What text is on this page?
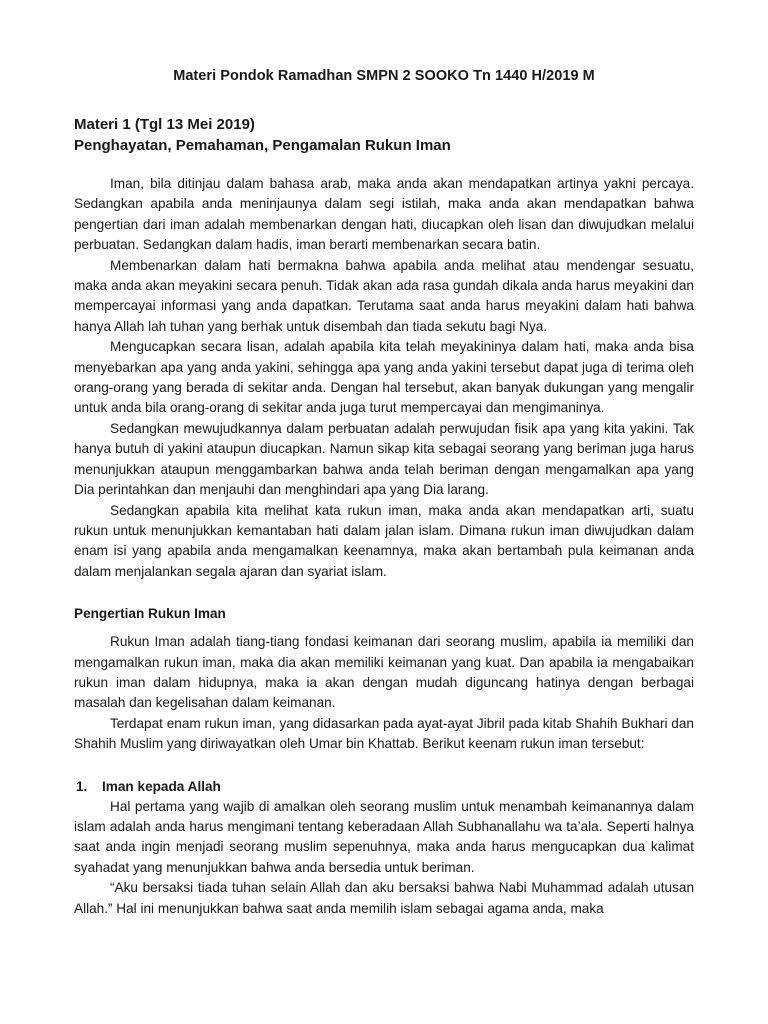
Materi Pondok Ramadhan SMPN 2 SOOKO Tn 1440 H/2019 M
Materi 1 (Tgl 13 Mei 2019)
Penghayatan, Pemahaman, Pengamalan Rukun Iman

Iman, bila ditinjau dalam bahasa arab, maka anda akan mendapatkan artinya yakni percaya. Sedangkan apabila anda meninjaunya dalam segi istilah, maka anda akan mendapatkan bahwa pengertian dari iman adalah membenarkan dengan hati, diucapkan oleh lisan dan diwujudkan melalui perbuatan. Sedangkan dalam hadis, iman berarti membenarkan secara batin.

Membenarkan dalam hati bermakna bahwa apabila anda melihat atau mendengar sesuatu, maka anda akan meyakini secara penuh. Tidak akan ada rasa gundah dikala anda harus meyakini dan mempercayai informasi yang anda dapatkan. Terutama saat anda harus meyakini dalam hati bahwa hanya Allah lah tuhan yang berhak untuk disembah dan tiada sekutu bagi Nya.

Mengucapkan secara lisan, adalah apabila kita telah meyakininya dalam hati, maka anda bisa menyebarkan apa yang anda yakini, sehingga apa yang anda yakini tersebut dapat juga di terima oleh orang-orang yang berada di sekitar anda. Dengan hal tersebut, akan banyak dukungan yang mengalir untuk anda bila orang-orang di sekitar anda juga turut mempercayai dan mengimaninya.

Sedangkan mewujudkannya dalam perbuatan adalah perwujudan fisik apa yang kita yakini. Tak hanya butuh di yakini ataupun diucapkan. Namun sikap kita sebagai seorang yang beriman juga harus menunjukkan ataupun menggambarkan bahwa anda telah beriman dengan mengamalkan apa yang Dia perintahkan dan menjauhi dan menghindari apa yang Dia larang.

Sedangkan apabila kita melihat kata rukun iman, maka anda akan mendapatkan arti, suatu rukun untuk menunjukkan kemantaban hati dalam jalan islam. Dimana rukun iman diwujudkan dalam enam isi yang apabila anda mengamalkan keenamnya, maka akan bertambah pula keimanan anda dalam menjalankan segala ajaran dan syariat islam.

Pengertian Rukun Iman

Rukun Iman adalah tiang-tiang fondasi keimanan dari seorang muslim, apabila ia memiliki dan mengamalkan rukun iman, maka dia akan memiliki keimanan yang kuat. Dan apabila ia mengabaikan rukun iman dalam hidupnya, maka ia akan dengan mudah diguncang hatinya dengan berbagai masalah dan kegelisahan dalam keimanan.

Terdapat enam rukun iman, yang didasarkan pada ayat-ayat Jibril pada kitab Shahih Bukhari dan Shahih Muslim yang diriwayatkan oleh Umar bin Khattab. Berikut keenam rukun iman tersebut:

1. Iman kepada Allah

Hal pertama yang wajib di amalkan oleh seorang muslim untuk menambah keimanannya dalam islam adalah anda harus mengimani tentang keberadaan Allah Subhanallahu wa ta’ala. Seperti halnya saat anda ingin menjadi seorang muslim sepenuhnya, maka anda harus mengucapkan dua kalimat syahadat yang menunjukkan bahwa anda bersedia untuk beriman.

“Aku bersaksi tiada tuhan selain Allah dan aku bersaksi bahwa Nabi Muhammad adalah utusan Allah.” Hal ini menunjukkan bahwa saat anda memilih islam sebagai agama anda, maka
